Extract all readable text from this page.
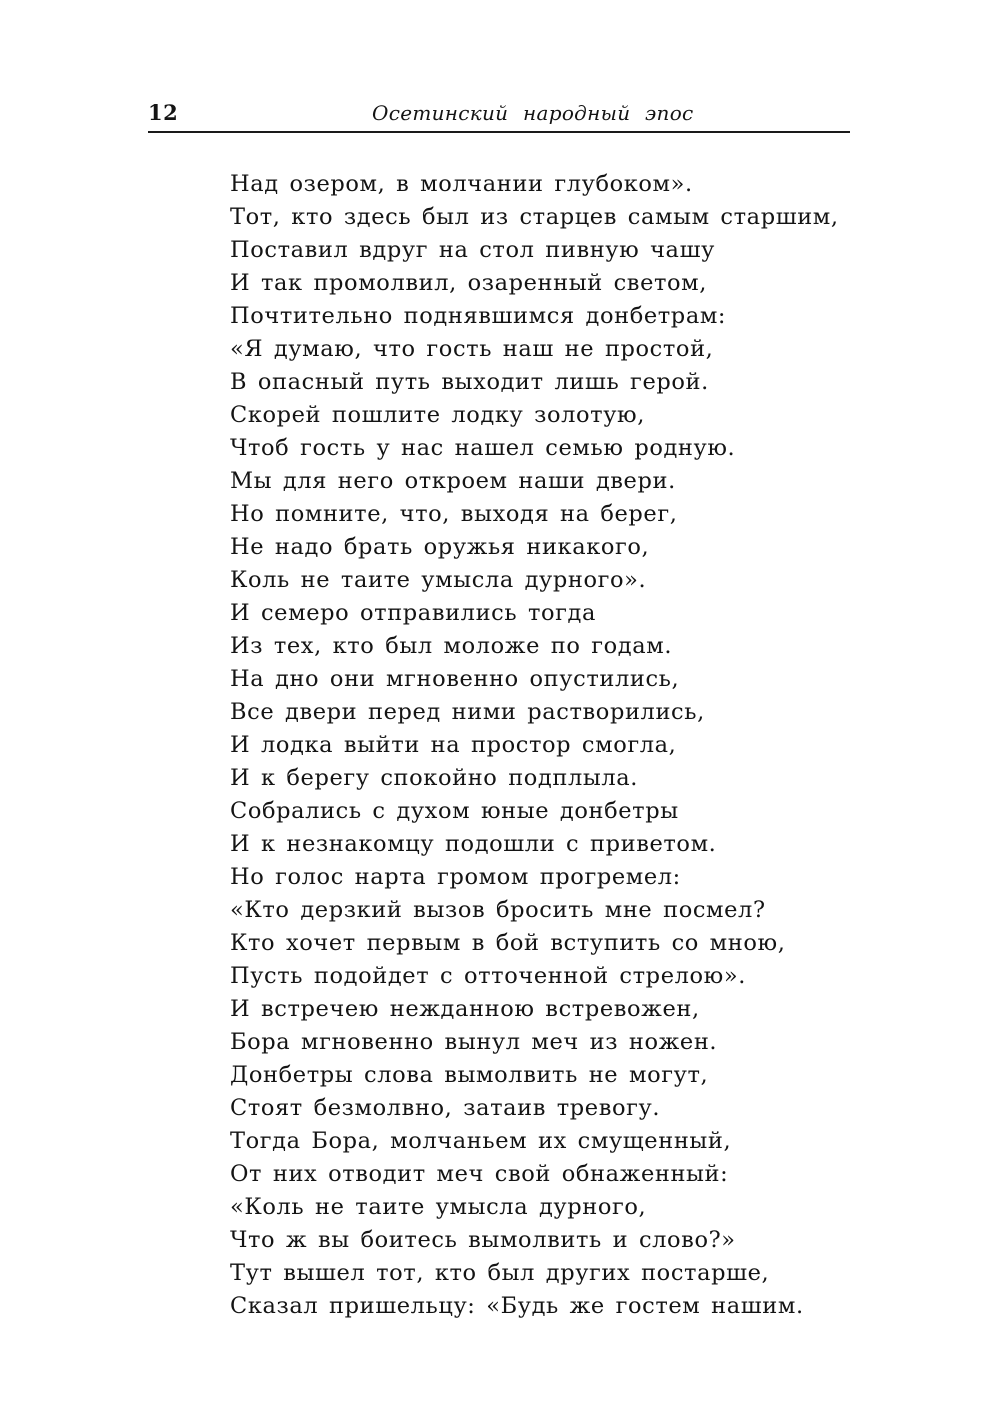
12	Осетинский народный эпос
Над озером, в молчании глубоком».
Тот, кто здесь был из старцев самым старшим,
Поставил вдруг на стол пивную чашу
И так промолвил, озаренный светом,
Почтительно поднявшимся донбетрам:
«Я думаю, что гость наш не простой,
В опасный путь выходит лишь герой.
Скорей пошлите лодку золотую,
Чтоб гость у нас нашел семью родную.
Мы для него откроем наши двери.
Но помните, что, выходя на берег,
Не надо брать оружья никакого,
Коль не таите умысла дурного».
И семеро отправились тогда
Из тех, кто был моложе по годам.
На дно они мгновенно опустились,
Все двери перед ними растворились,
И лодка выйти на простор смогла,
И к берегу спокойно подплыла.
Собрались с духом юные донбетры
И к незнакомцу подошли с приветом.
Но голос нарта громом прогремел:
«Кто дерзкий вызов бросить мне посмел?
Кто хочет первым в бой вступить со мною,
Пусть подойдет с отточенной стрелою».
И встречею нежданною встревожен,
Бора мгновенно вынул меч из ножен.
Донбетры слова вымолвить не могут,
Стоят безмолвно, затаив тревогу.
Тогда Бора, молчаньем их смущенный,
От них отводит меч свой обнаженный:
«Коль не таите умысла дурного,
Что ж вы боитесь вымолвить и слово?»
Тут вышел тот, кто был других постарше,
Сказал пришельцу: «Будь же гостем нашим.
